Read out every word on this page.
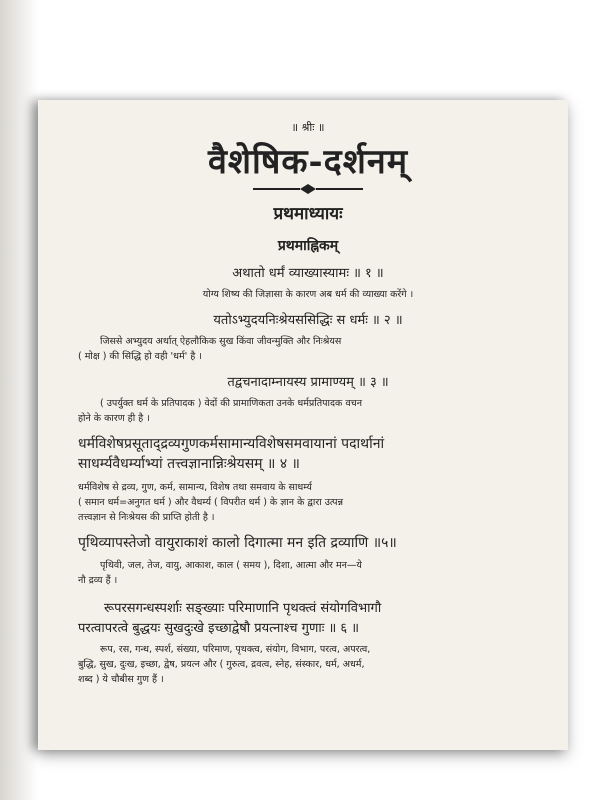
॥ श्रीः ॥
वैशेषिक-दर्शनम्
प्रथमाध्यायः
प्रथमाह्निकम्
अथातो धर्मं व्याख्यास्यामः ॥ १ ॥
योग्य शिष्य की जिज्ञासा के कारण अब धर्म की व्याख्या करेंगे ।
यतोऽभ्युदयनिःश्रेयससिद्धिः स धर्मः ॥ २ ॥
जिससे अभ्युदय अर्थात् ऐहलौकिक सुख किंवा जीवन्मुक्ति और निःश्रेयस
( मोक्ष ) की सिद्धि हो वही 'धर्म' है ।
तद्वचनादाम्नायस्य प्रामाण्यम् ॥ ३ ॥
( उपर्युक्त धर्म के प्रतिपादक ) वेदों की प्रामाणिकता उनके धर्मप्रतिपादक वचन
होने के कारण ही है ।
धर्मविशेषप्रसूताद्द्रव्यगुणकर्मसामान्यविशेषसमवायानां पदार्थानां
साधर्म्यवैधर्म्याभ्यां तत्त्वज्ञानान्निःश्रेयसम् ॥ ४ ॥
धर्मविशेष से द्रव्य, गुण, कर्म, सामान्य, विशेष तथा समवाय के साधर्म्य
( समान धर्म=अनुगत धर्म ) और वैधर्म्य ( विपरीत धर्म ) के ज्ञान के द्वारा उत्पन्न
तत्त्वज्ञान से निःश्रेयस की प्राप्ति होती है ।
पृथिव्यापस्तेजो वायुराकाशं कालो दिगात्मा मन इति द्रव्याणि ॥५॥
पृथिवी, जल, तेज, वायु, आकाश, काल ( समय ), दिशा, आत्मा और मन—ये
नौ द्रव्य हैं ।
रूपरसगन्धस्पर्शाः सङ्ख्याः परिमाणानि पृथक्त्वं संयोगविभागौ
परत्वापरत्वे बुद्धयः सुखदुःखे इच्छाद्वेषौ प्रयत्नाश्च गुणाः ॥ ६ ॥
रूप, रस, गन्ध, स्पर्श, संख्या, परिमाण, पृथक्त्व, संयोग, विभाग, परत्व, अपरत्व,
बुद्धि, सुख, दुःख, इच्छा, द्वेष, प्रयत्न और ( गुरुत्व, द्रवत्व, स्नेह, संस्कार, धर्म, अधर्म,
शब्द ) ये चौबीस गुण हैं ।
